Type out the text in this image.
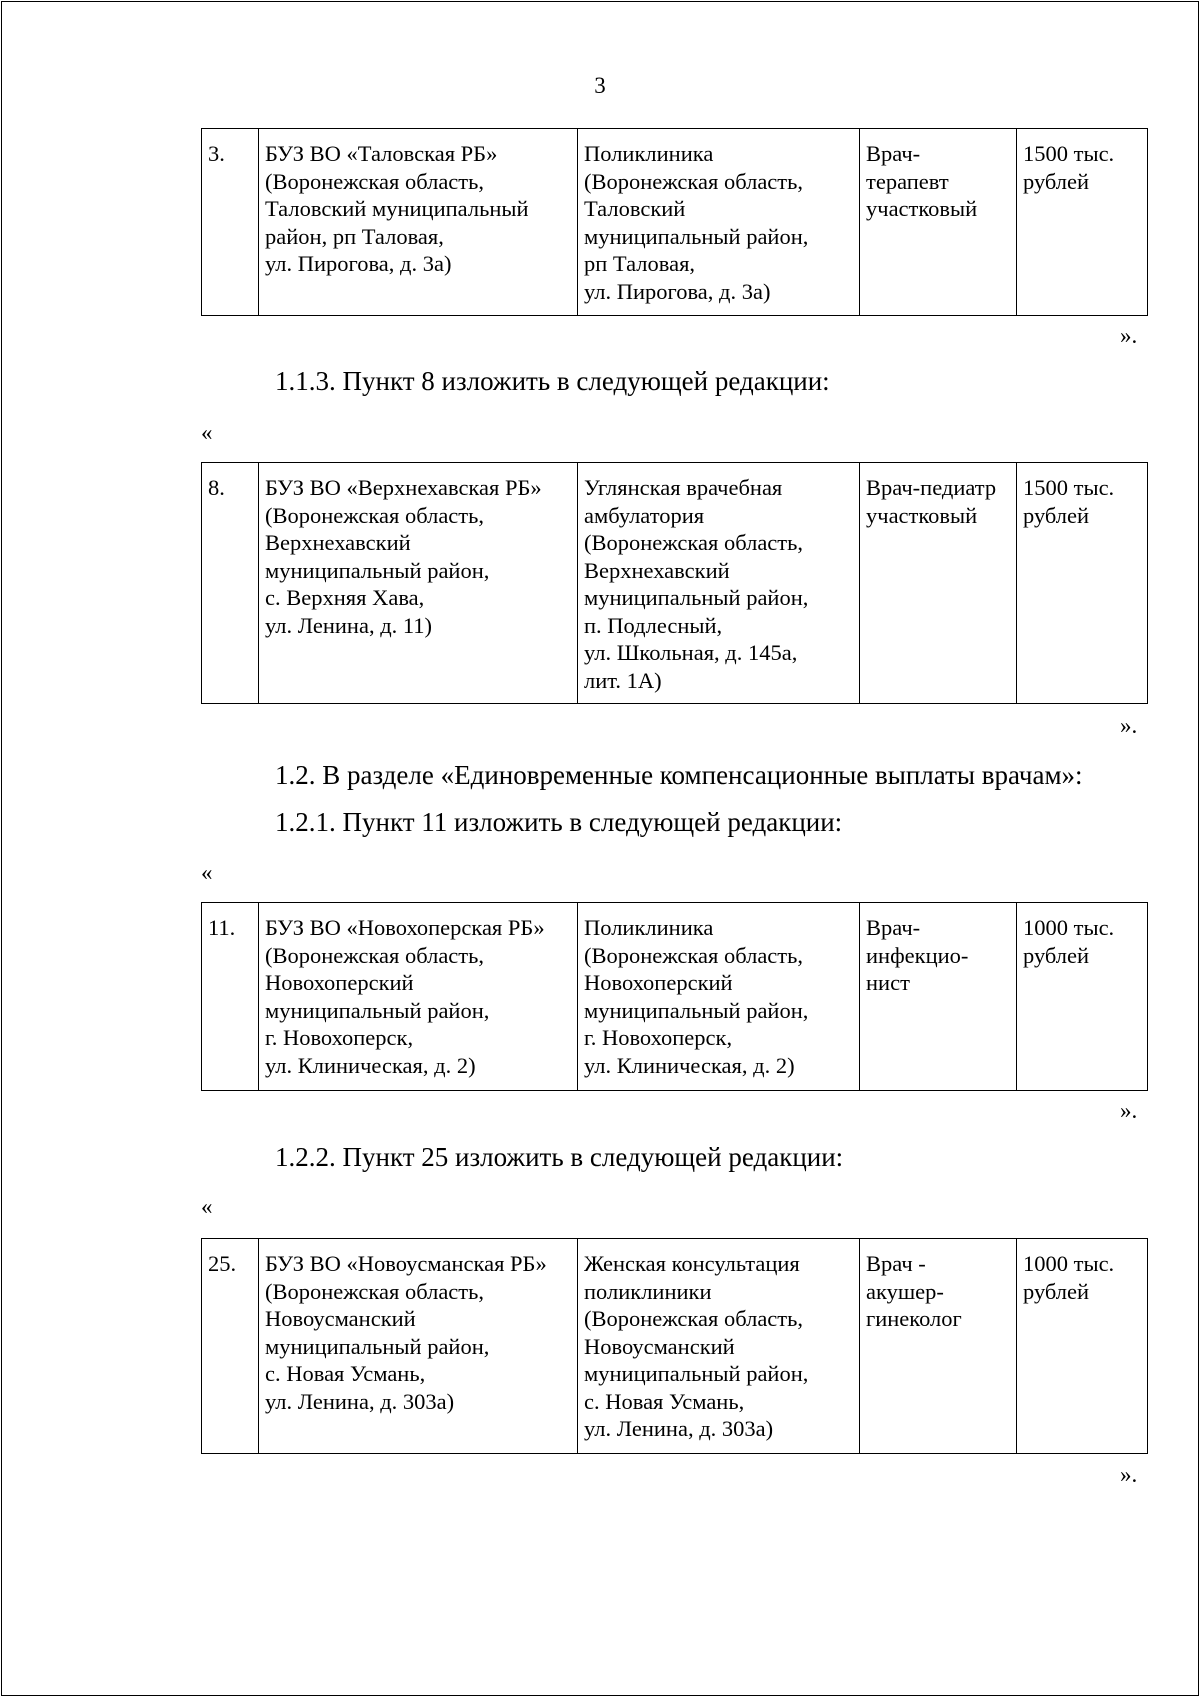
3
3.	БУЗ ВО «Таловская РБ»
(Воронежская область,
Таловский муниципальный
район, рп Таловая,
ул. Пирогова, д. 3а)	Поликлиника
(Воронежская область,
Таловский
муниципальный район,
рп Таловая,
ул. Пирогова, д. 3а)	Врач-
терапевт
участковый	1500 тыс.
рублей
».
1.1.3. Пункт 8 изложить в следующей редакции:
«
8.	БУЗ ВО «Верхнехавская РБ»
(Воронежская область,
Верхнехавский
муниципальный район,
с. Верхняя Хава,
ул. Ленина, д. 11)	Углянская врачебная
амбулатория
(Воронежская область,
Верхнехавский
муниципальный район,
п. Подлесный,
ул. Школьная, д. 145а,
лит. 1А)	Врач-педиатр
участковый	1500 тыс.
рублей
».
1.2. В разделе «Единовременные компенсационные выплаты врачам»:
1.2.1. Пункт 11 изложить в следующей редакции:
«
11.	БУЗ ВО «Новохоперская РБ»
(Воронежская область,
Новохоперский
муниципальный район,
г. Новохоперск,
ул. Клиническая, д. 2)	Поликлиника
(Воронежская область,
Новохоперский
муниципальный район,
г. Новохоперск,
ул. Клиническая, д. 2)	Врач-
инфекцио-
нист	1000 тыс.
рублей
».
1.2.2. Пункт 25 изложить в следующей редакции:
«
25.	БУЗ ВО «Новоусманская РБ»
(Воронежская область,
Новоусманский
муниципальный район,
с. Новая Усмань,
ул. Ленина, д. 303а)	Женская консультация
поликлиники
(Воронежская область,
Новоусманский
муниципальный район,
с. Новая Усмань,
ул. Ленина, д. 303а)	Врач -
акушер-
гинеколог	1000 тыс.
рублей
».
